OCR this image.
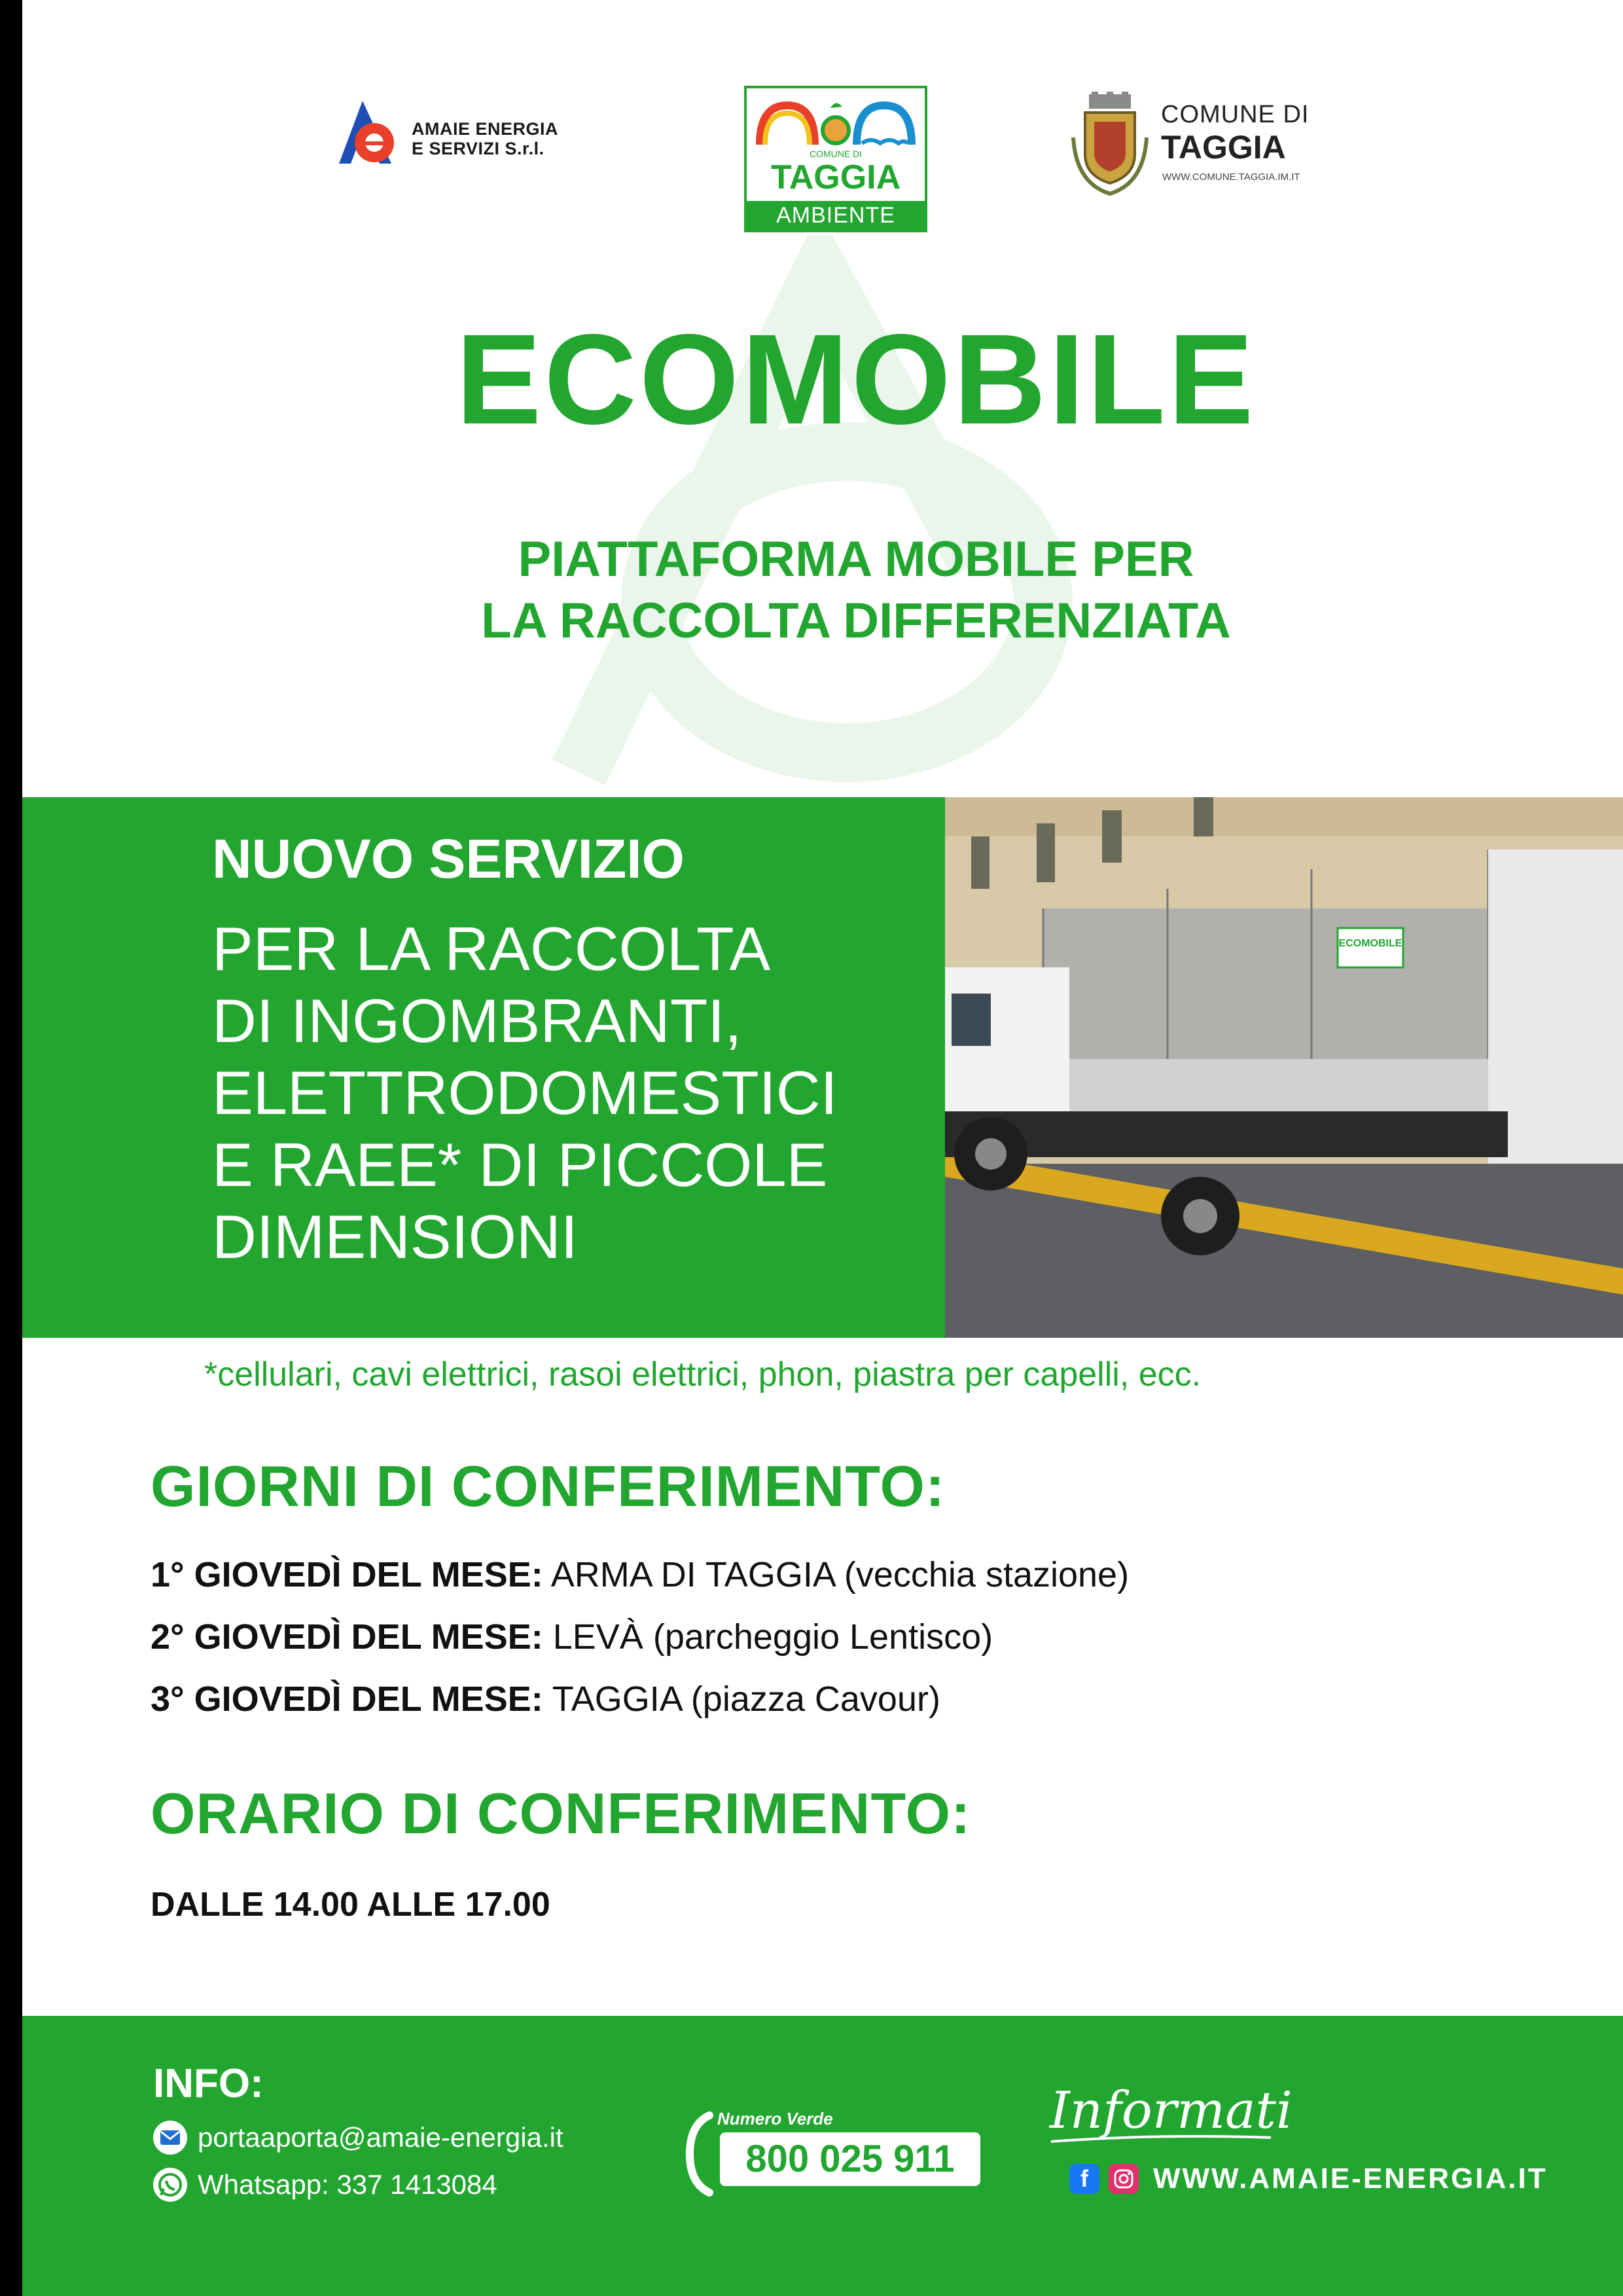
AMAIE ENERGIA
E SERVIZI S.r.l.	COMUNE DI
TAGGIA
AMBIENTE
COMUNE DI
TAGGIA
WWW.COMUNE.TAGGIA.IM.IT
ECOMOBILE
PIATTAFORMA MOBILE PER
LA RACCOLTA DIFFERENZIATA
NUOVO SERVIZIO
PER LA RACCOLTA
DI INGOMBRANTI,
ELETTRODOMESTICI
E RAEE* DI PICCOLE
DIMENSIONI
ECOMOBILE
*cellulari, cavi elettrici, rasoi elettrici, phon, piastra per capelli, ecc.
GIORNI DI CONFERIMENTO:
1° GIOVEDÌ DEL MESE: ARMA DI TAGGIA (vecchia stazione)
2° GIOVEDÌ DEL MESE: LEVÀ (parcheggio Lentisco)
3° GIOVEDÌ DEL MESE: TAGGIA (piazza Cavour)
ORARIO DI CONFERIMENTO:
DALLE 14.00 ALLE 17.00
INFO:
portaaporta@amaie-energia.it
Whatsapp: 337 1413084
Numero Verde
800 025 911
Informati
f	WWW.AMAIE-ENERGIA.IT
